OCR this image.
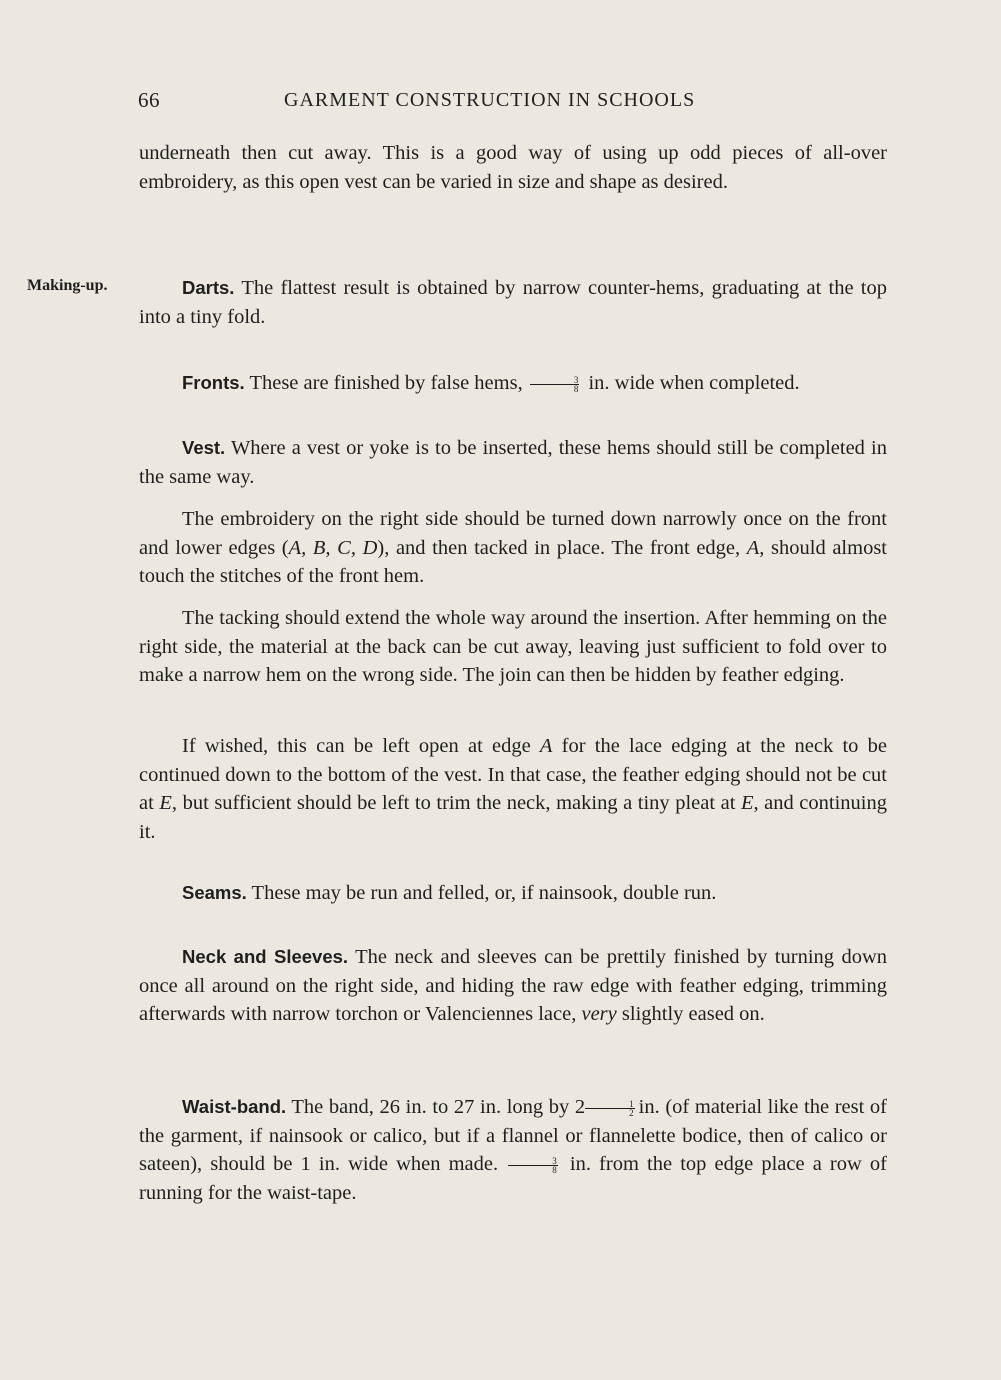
66	GARMENT CONSTRUCTION IN SCHOOLS
Making-up.
underneath then cut away. This is a good way of using up odd pieces of all-over embroidery, as this open vest can be varied in size and shape as desired.
Darts. The flattest result is obtained by narrow counter-hems, graduating at the top into a tiny fold.
Fronts. These are finished by false hems, $\frac{3}{8}$ in. wide when completed.
Vest. Where a vest or yoke is to be inserted, these hems should still be completed in the same way.
The embroidery on the right side should be turned down narrowly once on the front and lower edges (A, B, C, D), and then tacked in place. The front edge, A, should almost touch the stitches of the front hem.
The tacking should extend the whole way around the insertion. After hemming on the right side, the material at the back can be cut away, leaving just sufficient to fold over to make a narrow hem on the wrong side. The join can then be hidden by feather edging.
If wished, this can be left open at edge A for the lace edging at the neck to be continued down to the bottom of the vest. In that case, the feather edging should not be cut at E, but sufficient should be left to trim the neck, making a tiny pleat at E, and continuing it.
Seams. These may be run and felled, or, if nainsook, double run.
Neck and Sleeves. The neck and sleeves can be prettily finished by turning down once all around on the right side, and hiding the raw edge with feather edging, trimming afterwards with narrow torchon or Valenciennes lace, very slightly eased on.
Waist-band. The band, 26 in. to 27 in. long by $2 \frac{1}{2}$ in. (of material like the rest of the garment, if nainsook or calico, but if a flannel or flannelette bodice, then of calico or sateen), should be 1 in. wide when made. $\frac{3}{8}$ in. from the top edge place a row of running for the waist-tape.
